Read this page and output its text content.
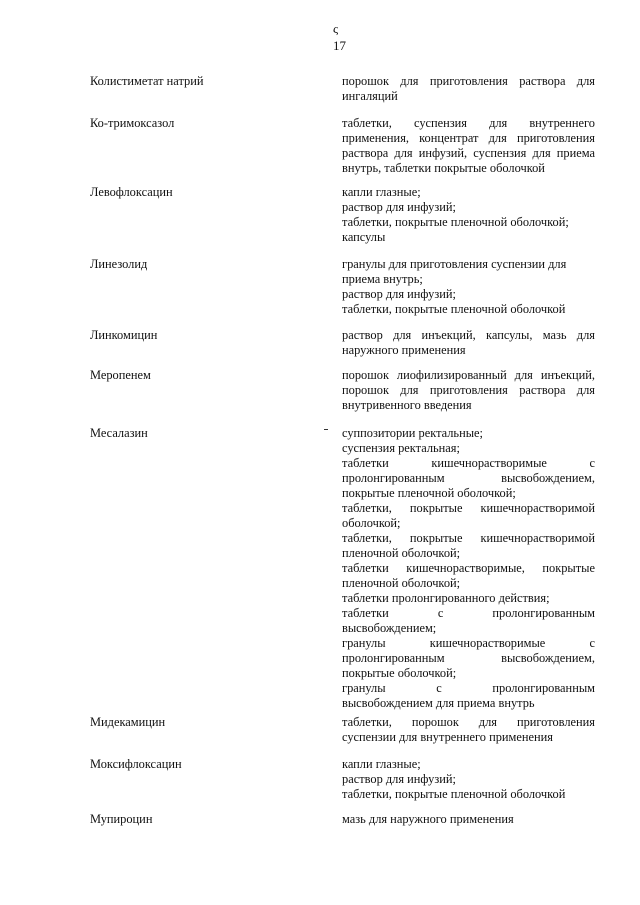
ς
17
Колистиметат натрий	порошок для приготовления раствора для
ингаляций
Ко-тримоксазол	таблетки, суспензия для внутреннего
применения, концентрат для приготовления
раствора для инфузий, суспензия для приема
внутрь, таблетки покрытые оболочкой
Левофлоксацин	капли глазные;
раствор для инфузий;
таблетки, покрытые пленочной оболочкой;
капсулы
Линезолид	гранулы для приготовления суспензии для
приема внутрь;
раствор для инфузий;
таблетки, покрытые пленочной оболочкой
Линкомицин	раствор для инъекций, капсулы, мазь для
наружного применения
Меропенем	порошок лиофилизированный для инъекций,
порошок для приготовления раствора для
внутривенного введения
Месалазин	суппозитории ректальные;
суспензия ректальная;
таблетки кишечнорастворимые с
пролонгированным высвобождением,
покрытые пленочной оболочкой;
таблетки, покрытые кишечнорастворимой
оболочкой;
таблетки, покрытые кишечнорастворимой
пленочной оболочкой;
таблетки кишечнорастворимые, покрытые
пленочной оболочкой;
таблетки пролонгированного действия;
таблетки с пролонгированным
высвобождением;
гранулы кишечнорастворимые с
пролонгированным высвобождением,
покрытые оболочкой;
гранулы с пролонгированным
высвобождением для приема внутрь
Мидекамицин	таблетки, порошок для приготовления
суспензии для внутреннего применения
Моксифлоксацин	капли глазные;
раствор для инфузий;
таблетки, покрытые пленочной оболочкой
Мупироцин	мазь для наружного применения
